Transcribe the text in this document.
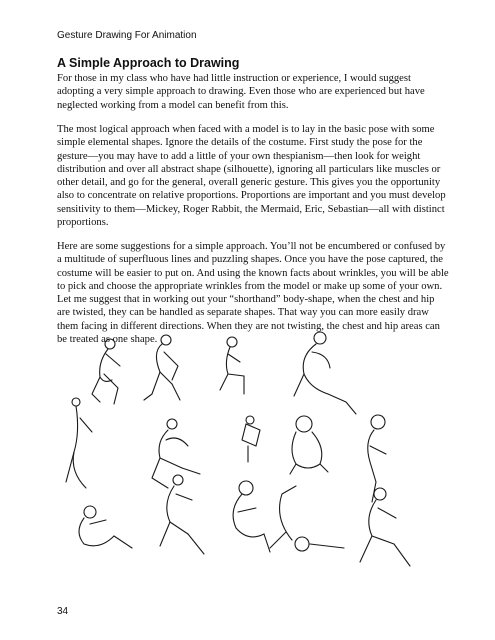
Gesture Drawing For Animation
A Simple Approach to Drawing

For those in my class who have had little instruction or experience, I would suggest adopting a very simple approach to drawing. Even those who are experienced but have neglected working from a model can benefit from this.

The most logical approach when faced with a model is to lay in the basic pose with some simple elemental shapes. Ignore the details of the costume. First study the pose for the gesture—you may have to add a little of your own thespianism—then look for weight distribution and over all abstract shape (silhouette), ignoring all particulars like muscles or other detail, and go for the general, overall generic gesture. This gives you the opportunity also to concentrate on relative proportions. Proportions are important and you must develop sensitivity to them—Mickey, Roger Rabbit, the Mermaid, Eric, Sebastian—all with distinct proportions.

Here are some suggestions for a simple approach. You’ll not be encumbered or confused by a multitude of superfluous lines and puzzling shapes. Once you have the pose captured, the costume will be easier to put on. And using the known facts about wrinkles, you will be able to pick and choose the appropriate wrinkles from the model or make up some of your own. Let me suggest that in working out your “shorthand” body-shape, when the chest and hip are twisted, they can be handled as separate shapes. That way you can more easily draw them facing in different directions. When they are not twisting, the chest and hip areas can be treated as one shape.

34
